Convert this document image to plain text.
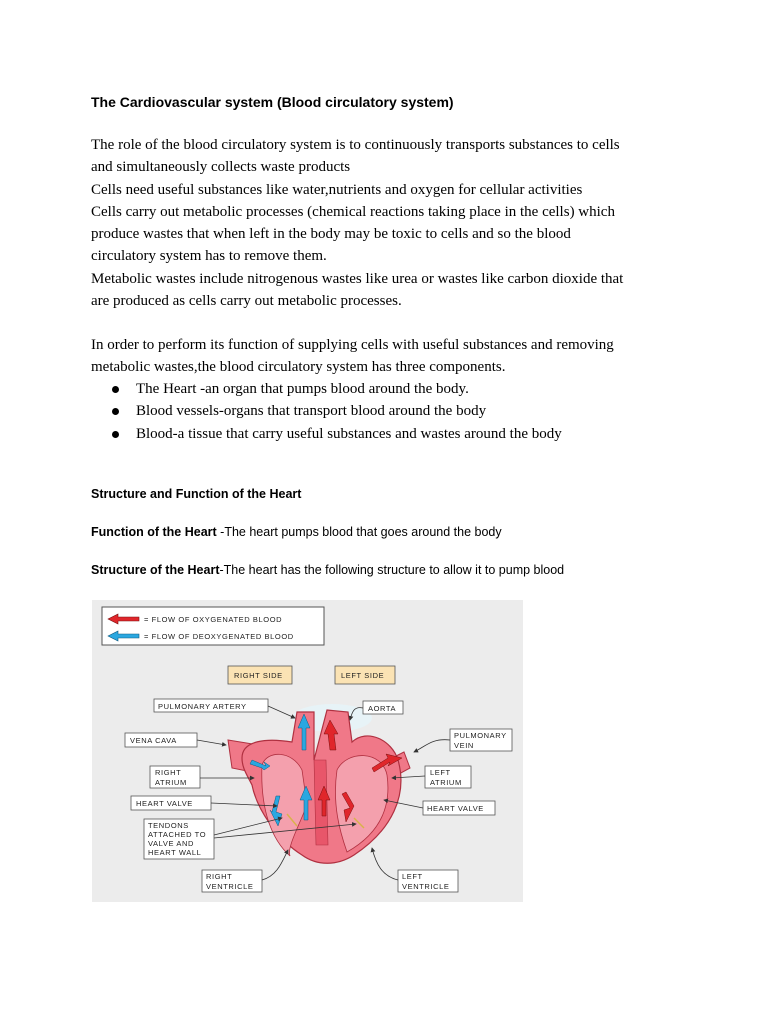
The Cardiovascular system (Blood circulatory system)

The role of the blood circulatory system is to continuously transports substances to cells
and simultaneously collects waste products
Cells need useful substances like water,nutrients and oxygen for cellular activities
Cells carry out metabolic processes (chemical reactions taking place in the cells) which
produce wastes that when left in the body may be toxic to cells and so the blood
circulatory system has to remove them.
Metabolic wastes include nitrogenous wastes like urea or wastes like carbon dioxide that
are produced as cells carry out metabolic processes.

In order to perform its function of supplying cells with useful substances and removing
metabolic wastes,the blood circulatory system has three components.

The Heart -an organ that pumps blood around the body.
Blood vessels-organs that transport blood around the body
Blood-a tissue that carry useful substances and wastes around the body
Structure and Function of the Heart
Function of the Heart -The heart pumps blood that goes around the body
Structure of the Heart-The heart has the following structure to allow it to pump blood
= FLOW OF OXYGENATED BLOOD
= FLOW OF DEOXYGENATED BLOOD
RIGHT SIDE	LEFT SIDE
PULMONARY ARTERY	AORTA
VENA CAVA
PULMONARY
VEIN
RIGHT
ATRIUM
LEFT
ATRIUM
HEART VALVE
HEART VALVE
TENDONS
ATTACHED TO
VALVE AND
HEART WALL
RIGHT
VENTRICLE
LEFT
VENTRICLE
